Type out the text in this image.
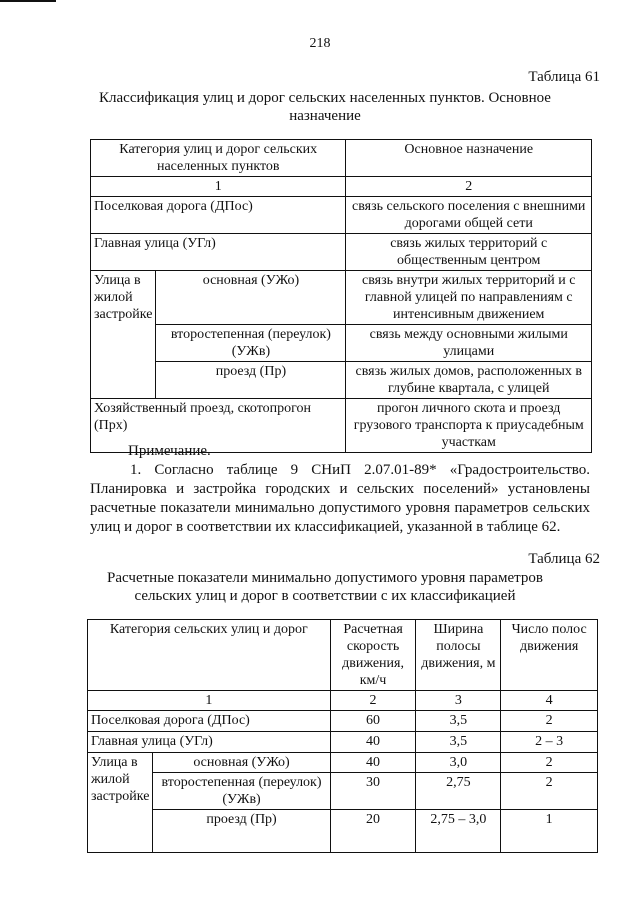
218
Таблица 61
Классификация улиц и дорог сельских населенных пунктов. Основное назначение
Категория улиц и дорог сельских населенных пунктов		Основное назначение
1		2
Поселковая дорога (ДПос)		связь сельского поселения с внешними дорогами общей сети
Главная улица (УГл)		связь жилых территорий с общественным центром
Улица в жилой застройке	основная (УЖо)	связь внутри жилых территорий и с главной улицей по направлениям с интенсивным движением
	второстепенная (переулок) (УЖв)	связь между основными жилыми улицами
	проезд (Пр)	связь жилых домов, расположенных в глубине квартала, с улицей
Хозяйственный проезд, скотопрогон (Прх)		прогон личного скота и проезд грузового транспорта к приусадебным участкам

Примечание.

1. Согласно таблице 9 СНиП 2.07.01-89* «Градостроительство.

Планировка и застройка городских и сельских поселений» установлены

расчетные показатели минимально допустимого уровня параметров сельских

улиц и дорог в соответствии их классификацией, указанной в таблице 62.

Таблица 62
Расчетные показатели минимально допустимого уровня параметров сельских улиц и дорог в соответствии с их классификацией
Категория сельских улиц и дорог		Расчетная скорость движения, км/ч	Ширина полосы движения, м	Число полос движения
1		2	3	4
Поселковая дорога (ДПос)		60	3,5	2
Главная улица (УГл)		40	3,5	2 – 3
Улица в жилой застройке	основная (УЖо)	40	3,0	2
	второстепенная (переулок) (УЖв)	30	2,75	2
	проезд (Пр)	20	2,75 – 3,0	1
